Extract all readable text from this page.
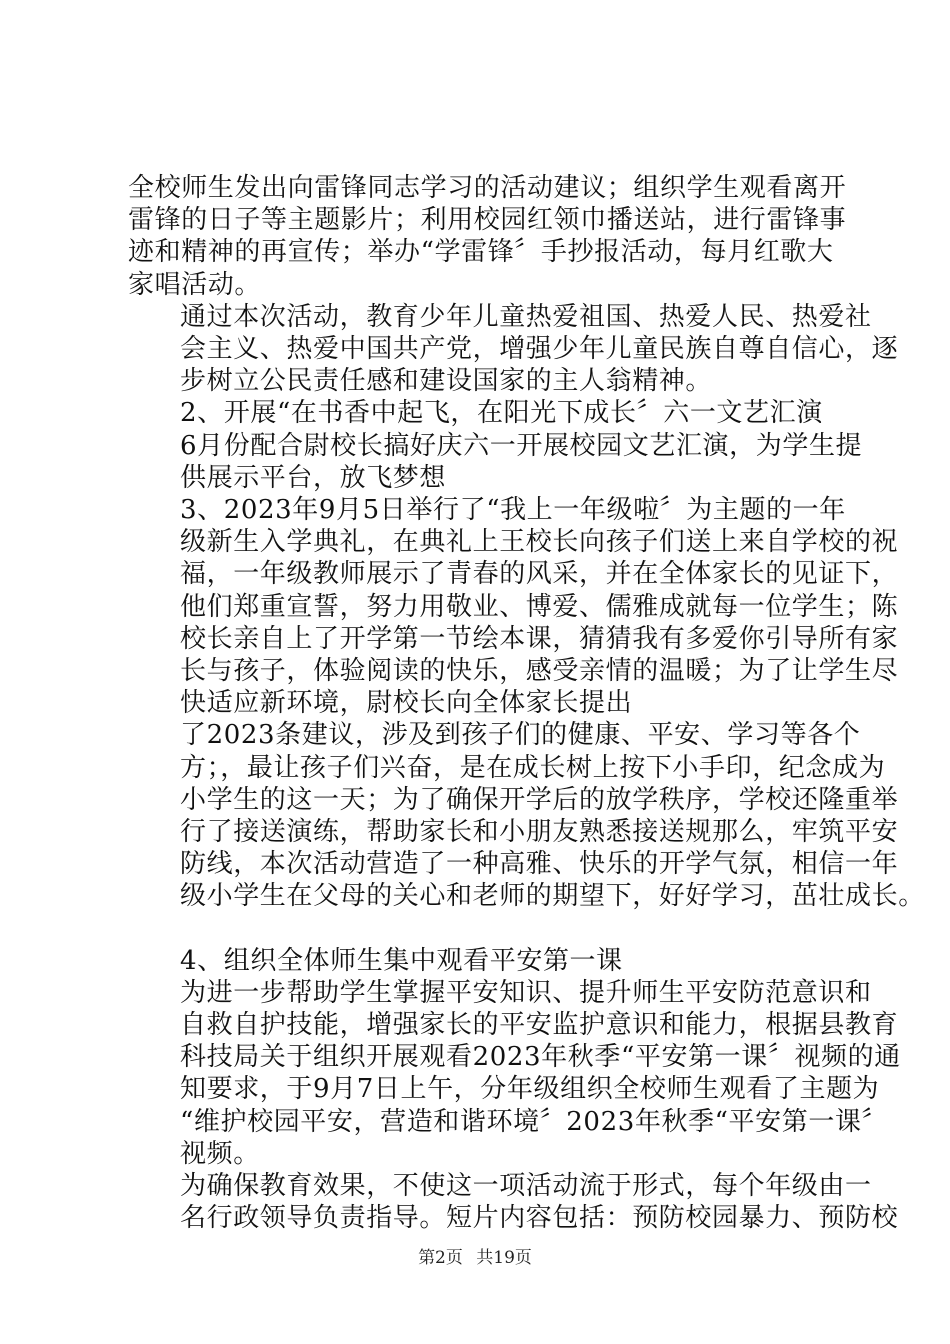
全校师生发出向雷锋同志学习的活动建议；组织学生观看离开
雷锋的日子等主题影片；利用校园红领巾播送站，进行雷锋事
迹和精神的再宣传；举办“学雷锋〞手抄报活动，每月红歌大
家唱活动。

通过本次活动，教育少年儿童热爱祖国、热爱人民、热爱社
会主义、热爱中国共产党，增强少年儿童民族自尊自信心，逐
步树立公民责任感和建设国家的主人翁精神。

2、开展“在书香中起飞，在阳光下成长〞六一文艺汇演

6月份配合尉校长搞好庆六一开展校园文艺汇演，为学生提
供展示平台，放飞梦想

3、2023年9月5日举行了“我上一年级啦〞为主题的一年
级新生入学典礼，在典礼上王校长向孩子们送上来自学校的祝
福，一年级教师展示了青春的风采，并在全体家长的见证下，
他们郑重宣誓，努力用敬业、博爱、儒雅成就每一位学生；陈
校长亲自上了开学第一节绘本课，猜猜我有多爱你引导所有家
长与孩子，体验阅读的快乐，感受亲情的温暖；为了让学生尽
快适应新环境，尉校长向全体家长提出

了2023条建议，涉及到孩子们的健康、平安、学习等各个
方；，最让孩子们兴奋，是在成长树上按下小手印，纪念成为
小学生的这一天；为了确保开学后的放学秩序，学校还隆重举
行了接送演练，帮助家长和小朋友熟悉接送规那么，牢筑平安
防线，本次活动营造了一种高雅、快乐的开学气氛，相信一年
级小学生在父母的关心和老师的期望下，好好学习，茁壮成长。

4、组织全体师生集中观看平安第一课

为进一步帮助学生掌握平安知识、提升师生平安防范意识和
自救自护技能，增强家长的平安监护意识和能力，根据县教育
科技局关于组织开展观看2023年秋季“平安第一课〞视频的通
知要求，于9月7日上午，分年级组织全校师生观看了主题为
“维护校园平安，营造和谐环境〞2023年秋季“平安第一课〞
视频。

为确保教育效果，不使这一项活动流于形式，每个年级由一
名行政领导负责指导。短片内容包括：预防校园暴力、预防校

第2页 共19页
